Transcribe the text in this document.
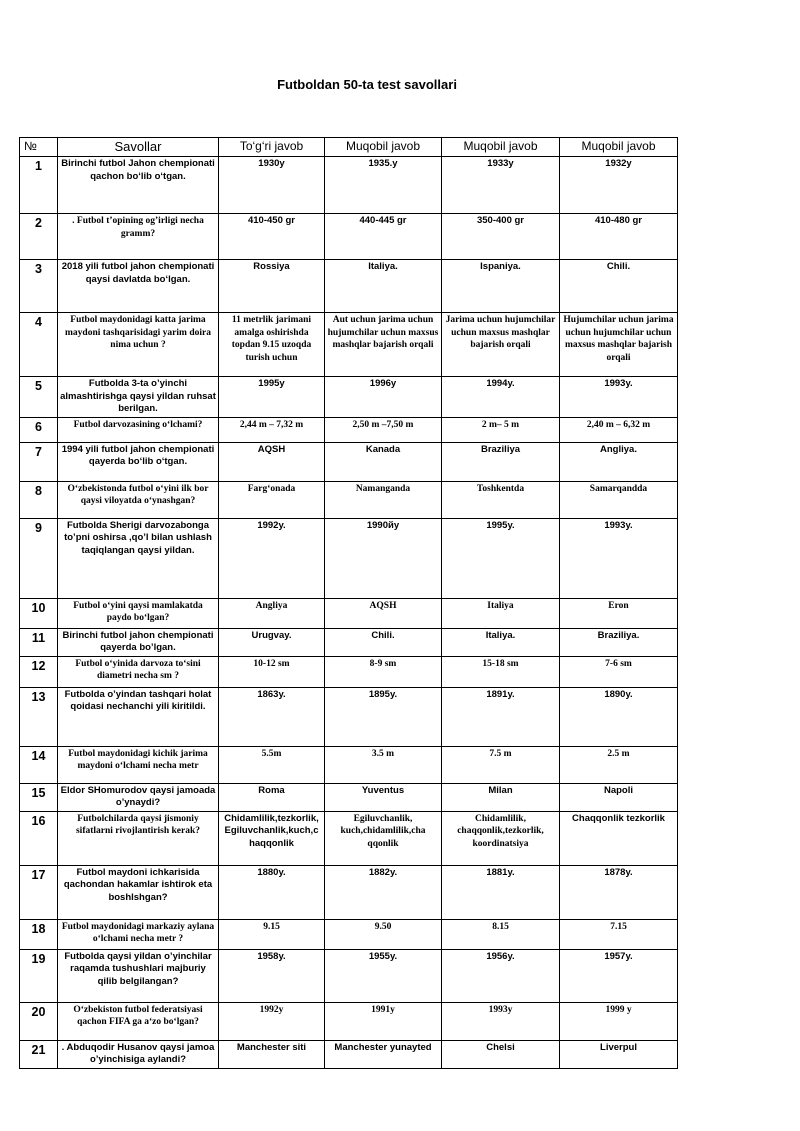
Futboldan 50-ta test savollari
№	Savollar	To‘g‘ri javob	Muqobil javob	Muqobil javob	Muqobil javob
1	Birinchi futbol Jahon chempionati qachon bo‘lib o‘tgan.	1930y	1935.y	1933y	1932y
2	. Futbol t’opining og’irligi necha gramm?	410-450 gr	440-445 gr	350-400 gr	410-480 gr
3	2018 yili futbol jahon chempionati qaysi davlatda bo‘lgan.	Rossiya	Italiya.	Ispaniya.	Chili.
4	Futbol maydonidagi katta jarima maydoni tashqarisidagi yarim doira nima uchun ?	11 metrlik jarimani amalga oshirishda topdan 9.15 uzoqda turish uchun	Aut uchun jarima uchun hujumchilar uchun maxsus mashqlar bajarish orqali	Jarima uchun hujumchilar uchun maxsus mashqlar bajarish orqali	Hujumchilar uchun jarima uchun hujumchilar uchun maxsus mashqlar bajarish orqali
5	Futbolda 3-ta o’yinchi almashtirishga qaysi yildan ruhsat berilgan.	1995y	1996y	1994y.	1993y.
6	Futbol darvozasining o‘lchami?	2,44 m – 7,32 m	2,50 m –7,50 m	2 m– 5 m	2,40 m – 6,32 m
7	1994 yili futbol jahon chempionati qayerda bo‘lib o‘tgan.	AQSH	Kanada	Braziliya	Angliya.
8	O‘zbekistonda futbol o‘yini ilk bor qaysi viloyatda o‘ynashgan?	Farg‘onada	Namanganda	Toshkentda	Samarqandda
9	Futbolda Sherigi darvozabonga to’pni oshirsa ,qo’l bilan ushlash taqiqlangan qaysi yildan.	1992y.	1990йу	1995y.	1993y.
10	Futbol o‘yini qaysi mamlakatda paydo bo‘lgan?	Angliya	AQSH	Italiya	Eron
11	Birinchi futbol jahon chempionati qayerda bo’lgan.	Urugvay.	Chili.	Italiya.	Braziliya.
12	Futbol o‘yinida darvoza to‘sini diametri necha sm ?	10-12 sm	8-9 sm	15-18 sm	7-6 sm
13	Futbolda o’yindan tashqari holat qoidasi nechanchi yili kiritildi.	1863y.	1895y.	1891y.	1890y.
14	Futbol maydonidagi kichik jarima maydoni o‘lchami necha metr	5.5m	3.5 m	7.5 m	2.5 m
15	Eldor SHomurodov qaysi jamoada o’ynaydi?	Roma	Yuventus	Milan	Napoli
16	Futbolchilarda qaysi jismoniy sifatlarni rivojlantirish kerak?	Chidamlilik,tezkorlik, Egiluvchanlik,kuch,c haqqonlik	Egiluvchanlik, kuch,chidamlilik,cha qqonlik	Chidamlilik, chaqqonlik,tezkorlik, koordinatsiya	Chaqqonlik tezkorlik
17	Futbol maydoni ichkarisida qachondan hakamlar ishtirok eta boshlshgan?	1880y.	1882y.	1881y.	1878y.
18	Futbol maydonidagi markaziy aylana o‘lchami necha metr ?	9.15	9.50	8.15	7.15
19	Futbolda qaysi yildan o’yinchilar raqamda tushushlari majburiy qilib belgilangan?	1958y.	1955y.	1956y.	1957y.
20	O‘zbekiston futbol federatsiyasi qachon FIFA ga a‘zo bo‘lgan?	1992y	1991y	1993y	1999 y
21	. Abduqodir Husanov qaysi jamoa o’yinchisiga aylandi?	Manchester siti	Manchester yunayted	Chelsi	Liverpul
